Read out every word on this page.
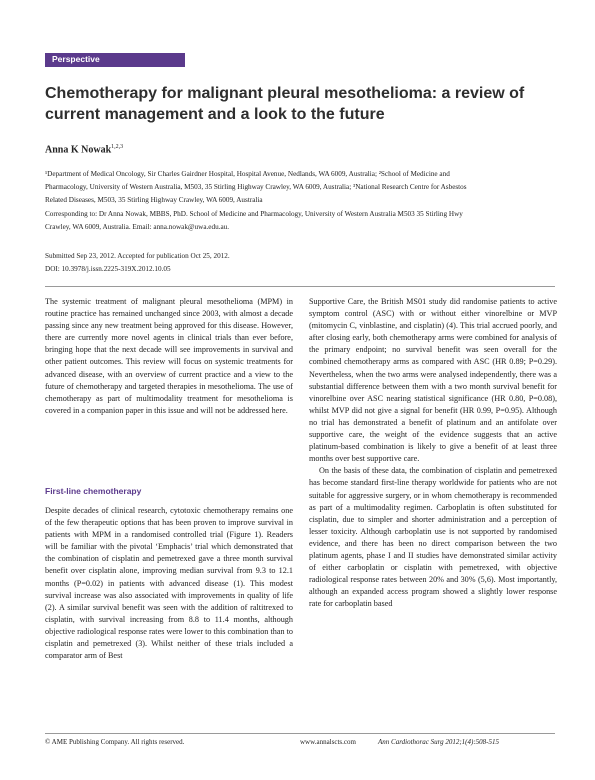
Perspective
Chemotherapy for malignant pleural mesothelioma: a review of current management and a look to the future
Anna K Nowak$^{1,2,3}$

¹Department of Medical Oncology, Sir Charles Gairdner Hospital, Hospital Avenue, Nedlands, WA 6009, Australia; ²School of Medicine and

Pharmacology, University of Western Australia, M503, 35 Stirling Highway Crawley, WA 6009, Australia; ³National Research Centre for Asbestos

Related Diseases, M503, 35 Stirling Highway Crawley, WA 6009, Australia

Corresponding to: Dr Anna Nowak, MBBS, PhD. School of Medicine and Pharmacology, University of Western Australia M503 35 Stirling Hwy

Crawley, WA 6009, Australia. Email: anna.nowak@uwa.edu.au.

Submitted Sep 23, 2012. Accepted for publication Oct 25, 2012.

DOI: 10.3978/j.issn.2225-319X.2012.10.05

The systemic treatment of malignant pleural mesothelioma (MPM) in routine practice has remained unchanged since 2003, with almost a decade passing since any new treatment being approved for this disease. However, there are currently more novel agents in clinical trials than ever before, bringing hope that the next decade will see improvements in survival and other patient outcomes. This review will focus on systemic treatments for advanced disease, with an overview of current practice and a view to the future of chemotherapy and targeted therapies in mesothelioma. The use of chemotherapy as part of multimodality treatment for mesothelioma is covered in a companion paper in this issue and will not be addressed here.

First-line chemotherapy

Despite decades of clinical research, cytotoxic chemotherapy remains one of the few therapeutic options that has been proven to improve survival in patients with MPM in a randomised controlled trial (Figure 1). Readers will be familiar with the pivotal ‘Emphacis’ trial which demonstrated that the combination of cisplatin and pemetrexed gave a three month survival benefit over cisplatin alone, improving median survival from 9.3 to 12.1 months (P=0.02) in patients with advanced disease (1). This modest survival increase was also associated with improvements in quality of life (2). A similar survival benefit was seen with the addition of raltitrexed to cisplatin, with survival increasing from 8.8 to 11.4 months, although objective radiological response rates were lower to this combination than to cisplatin and pemetrexed (3). Whilst neither of these trials included a comparator arm of Best

Supportive Care, the British MS01 study did randomise patients to active symptom control (ASC) with or without either vinorelbine or MVP (mitomycin C, vinblastine, and cisplatin) (4). This trial accrued poorly, and after closing early, both chemotherapy arms were combined for analysis of the primary endpoint; no survival benefit was seen overall for the combined chemotherapy arms as compared with ASC (HR 0.89; P=0.29). Nevertheless, when the two arms were analysed independently, there was a substantial difference between them with a two month survival benefit for vinorelbine over ASC nearing statistical significance (HR 0.80, P=0.08), whilst MVP did not give a signal for benefit (HR 0.99, P=0.95). Although no trial has demonstrated a benefit of platinum and an antifolate over supportive care, the weight of the evidence suggests that an active platinum-based combination is likely to give a benefit of at least three months over best supportive care.

On the basis of these data, the combination of cisplatin and pemetrexed has become standard first-line therapy worldwide for patients who are not suitable for aggressive surgery, or in whom chemotherapy is recommended as part of a multimodality regimen. Carboplatin is often substituted for cisplatin, due to simpler and shorter administration and a perception of lesser toxicity. Although carboplatin use is not supported by randomised evidence, and there has been no direct comparison between the two platinum agents, phase I and II studies have demonstrated similar activity of either carboplatin or cisplatin with pemetrexed, with objective radiological response rates between 20% and 30% (5,6). Most importantly, although an expanded access program showed a slightly lower response rate for carboplatin based

© AME Publishing Company. All rights reserved.	www.annalscts.com	Ann Cardiothorac Surg 2012;1(4):508-515
